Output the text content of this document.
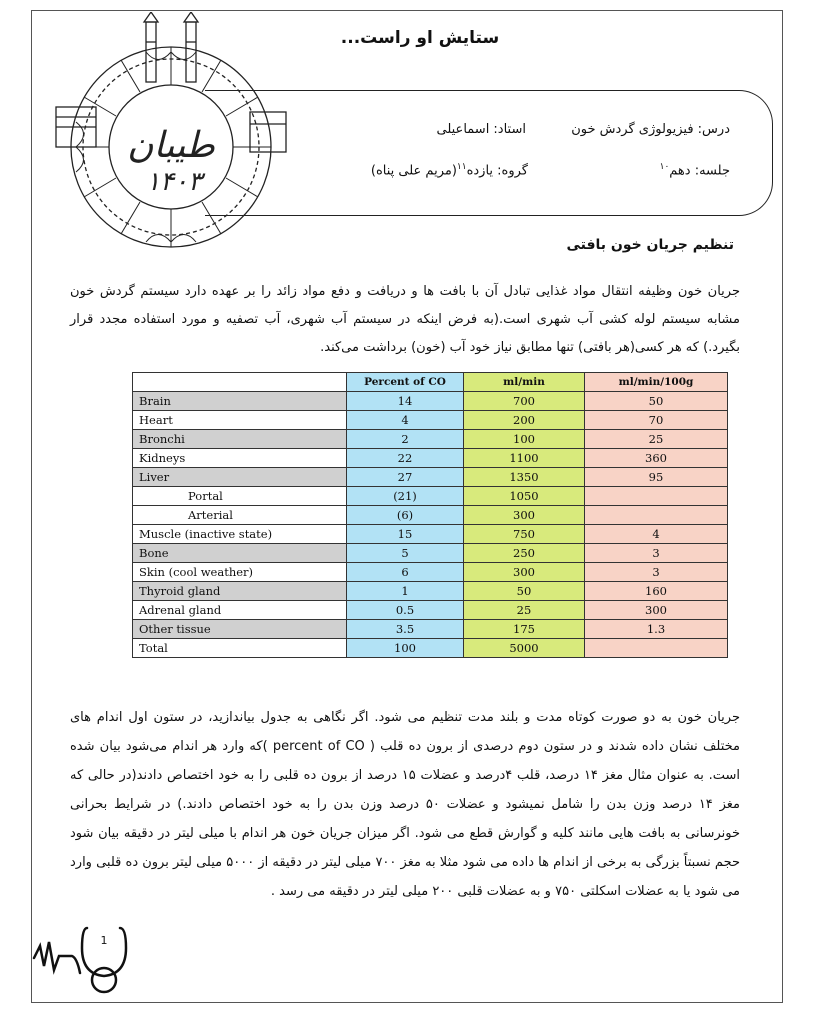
طیبان
۱۴۰۳
ستایش او راست...
درس: فیزیولوژی گردش خون
استاد: اسماعیلی
جلسه: دهم$^{۱۰}$
گروه: یازده$^{۱۱}$(مریم علی پناه)
تنظیم جریان خون بافتی
جریان خون وظیفه انتقال مواد غذایی تبادل آن با بافت ها و دریافت و دفع مواد زائد را بر عهده دارد سیستم گردش خون مشابه سیستم لوله کشی آب شهری است.(به فرض اینکه در سیستم آب شهری، آب تصفیه و مورد استفاده مجدد قرار بگیرد.) که هر کسی(هر بافتی) تنها مطابق نیاز خود آب (خون) برداشت می‌کند.
	Percent of CO	ml/min	ml/min/100g
Brain	14	700	50
Heart	4	200	70
Bronchi	2	100	25
Kidneys	22	1100	360
Liver	27	1350	95
Portal	(21)	1050	
Arterial	(6)	300	
Muscle (inactive state)	15	750	4
Bone	5	250	3
Skin (cool weather)	6	300	3
Thyroid gland	1	50	160
Adrenal gland	0.5	25	300
Other tissue	3.5	175	1.3
Total	100	5000	
جریان خون به دو صورت کوتاه مدت و بلند مدت تنظیم می شود. اگر نگاهی به جدول بیاندازید، در ستون اول اندام های مختلف نشان داده شدند و در ستون دوم درصدی از برون ده قلب ( percent of CO )که وارد هر اندام می‌شود بیان شده است. به عنوان مثال مغز ۱۴ درصد، قلب ۴درصد و عضلات ۱۵ درصد از برون ده قلبی را به خود اختصاص دادند(در حالی که مغز ۱۴ درصد وزن بدن را شامل نمیشود و عضلات ۵۰ درصد وزن بدن را به خود اختصاص دادند.) در شرایط بحرانی خونرسانی به بافت هایی مانند کلیه و گوارش قطع می شود. اگر میزان جریان خون هر اندام با میلی لیتر در دقیقه بیان شود حجم نسبتاً بزرگی به برخی از اندام ها داده می شود مثلا به مغز ۷۰۰ میلی لیتر در دقیقه از ۵۰۰۰ میلی لیتر برون ده قلبی وارد می شود یا به عضلات اسکلتی ۷۵۰ و به عضلات قلبی ۲۰۰ میلی لیتر در دقیقه می رسد .
1
